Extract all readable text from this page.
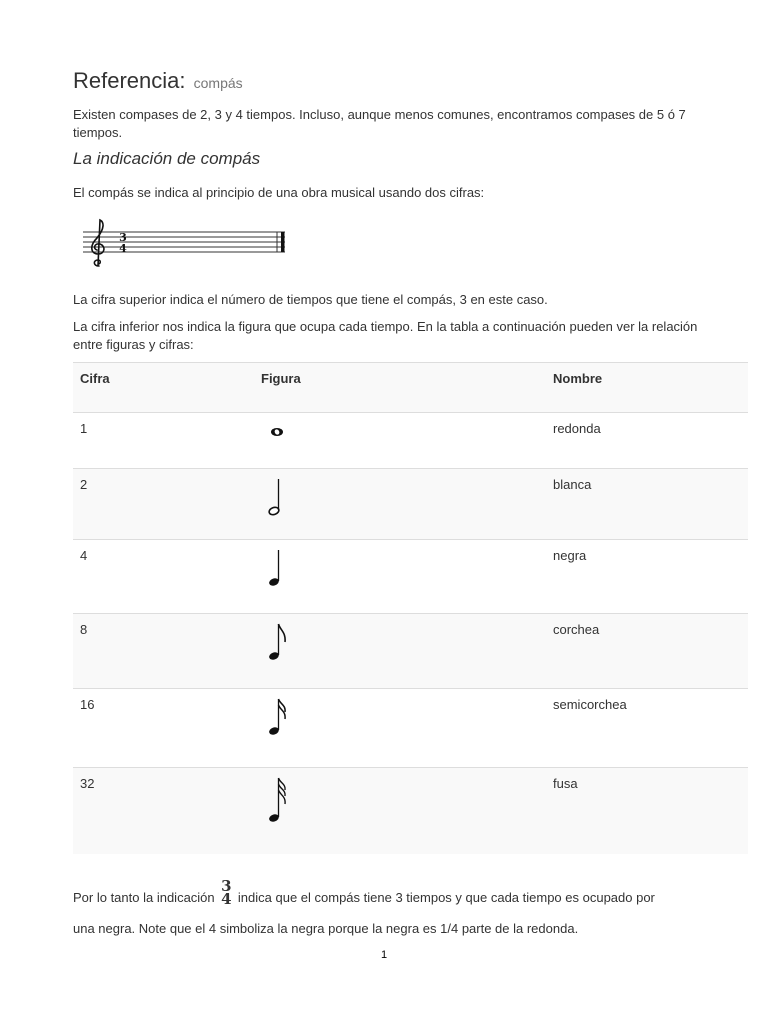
Referencia: compás

Existen compases de 2, 3 y 4 tiempos. Incluso, aunque menos comunes, encontramos compases de 5 ó 7 tiempos.

La indicación de compás

El compás se indica al principio de una obra musical usando dos cifras:

3
4

La cifra superior indica el número de tiempos que tiene el compás, 3 en este caso.

La cifra inferior nos indica la figura que ocupa cada tiempo. En la tabla a continuación pueden ver la relación entre figuras y cifras:

Cifra	Figura	Nombre
1		redonda
2		blanca
4		negra
8		corchea
16		semicorchea
32		fusa

Por lo tanto la indicación
3
4 indica que el compás tiene 3 tiempos y que cada tiempo es ocupado por

una negra. Note que el 4 simboliza la negra porque la negra es 1/4 parte de la redonda.

1
